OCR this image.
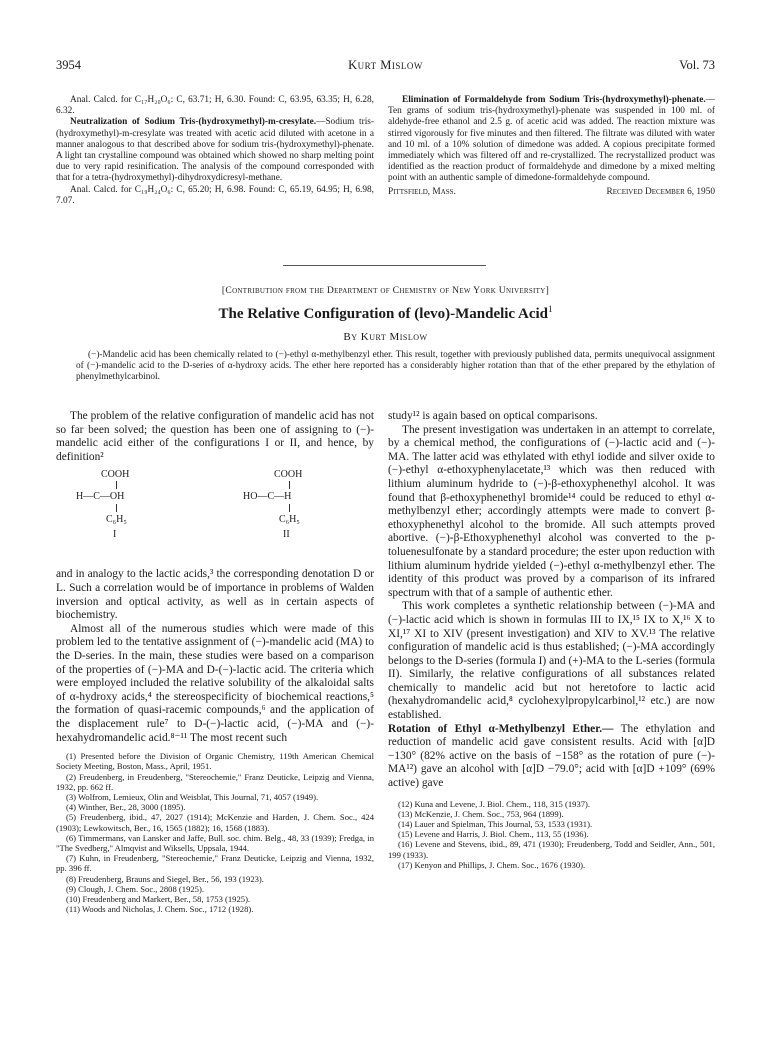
3954	Kurt Mislow	Vol. 73

Anal. Calcd. for C₁₇H₂₀O₆: C, 63.71; H, 6.30. Found: C, 63.95, 63.35; H, 6.28, 6.32.

Neutralization of Sodium Tris-(hydroxymethyl)-m-cresylate.—Sodium tris-(hydroxymethyl)-m-cresylate was treated with acetic acid diluted with acetone in a manner analogous to that described above for sodium tris-(hydroxymethyl)-phenate. A light tan crystalline compound was obtained which showed no sharp melting point due to very rapid resinification. The analysis of the compound corresponded with that for a tetra-(hydroxymethyl)-dihydroxydicresyl-methane.

Anal. Calcd. for C₁₉H₂₄O₆: C, 65.20; H, 6.98. Found: C, 65.19, 64.95; H, 6.98, 7.07.

Elimination of Formaldehyde from Sodium Tris-(hydroxymethyl)-phenate.—Ten grams of sodium tris-(hydroxymethyl)-phenate was suspended in 100 ml. of aldehyde-free ethanol and 2.5 g. of acetic acid was added. The reaction mixture was stirred vigorously for five minutes and then filtered. The filtrate was diluted with water and 10 ml. of a 10% solution of dimedone was added. A copious precipitate formed immediately which was filtered off and re-crystallized. The recrystallized product was identified as the reaction product of formaldehyde and dimedone by a mixed melting point with an authentic sample of dimedone-formaldehyde compound.

Pittsfield, Mass.	Received December 6, 1950
[Contribution from the Department of Chemistry of New York University]
The Relative Configuration of (levo)-Mandelic Acid$^1$
By Kurt Mislow
(−)-Mandelic acid has been chemically related to (−)-ethyl α-methylbenzyl ether. This result, together with previously published data, permits unequivocal assignment of (−)-mandelic acid to the D-series of α-hydroxy acids. The ether here reported has a considerably higher rotation than that of the ether prepared by the ethylation of phenylmethylcarbinol.

The problem of the relative configuration of mandelic acid has not so far been solved; the question has been one of assigning to (−)-mandelic acid either of the configurations I or II, and hence, by definition²

COOH
H—C—OH
C₆H₅
I
COOH
HO—C—H
C₆H₅
II

and in analogy to the lactic acids,³ the corresponding denotation D or L. Such a correlation would be of importance in problems of Walden inversion and optical activity, as well as in certain aspects of biochemistry.

Almost all of the numerous studies which were made of this problem led to the tentative assignment of (−)-mandelic acid (MA) to the D-series. In the main, these studies were based on a comparison of the properties of (−)-MA and D-(−)-lactic acid. The criteria which were employed included the relative solubility of the alkaloidal salts of α-hydroxy acids,⁴ the stereospecificity of biochemical reactions,⁵ the formation of quasi-racemic compounds,⁶ and the application of the displacement rule⁷ to D-(−)-lactic acid, (−)-MA and (−)-hexahydromandelic acid.⁸⁻¹¹ The most recent such

(1) Presented before the Division of Organic Chemistry, 119th American Chemical Society Meeting, Boston, Mass., April, 1951.

(2) Freudenberg, in Freudenberg, "Stereochemie," Franz Deuticke, Leipzig and Vienna, 1932, pp. 662 ff.

(3) Wolfrom, Lemieux, Olin and Weisblat, This Journal, 71, 4057 (1949).

(4) Winther, Ber., 28, 3000 (1895).

(5) Freudenberg, ibid., 47, 2027 (1914); McKenzie and Harden, J. Chem. Soc., 424 (1903); Lewkowitsch, Ber., 16, 1565 (1882); 16, 1568 (1883).

(6) Timmermans, van Lansker and Jaffe, Bull. soc. chim. Belg., 48, 33 (1939); Fredga, in "The Svedberg," Almqvist and Wiksells, Uppsala, 1944.

(7) Kuhn, in Freudenberg, "Stereochemie," Franz Deuticke, Leipzig and Vienna, 1932, pp. 396 ff.

(8) Freudenberg, Brauns and Siegel, Ber., 56, 193 (1923).

(9) Clough, J. Chem. Soc., 2808 (1925).

(10) Freudenberg and Markert, Ber., 58, 1753 (1925).

(11) Woods and Nicholas, J. Chem. Soc., 1712 (1928).

study¹² is again based on optical comparisons.

The present investigation was undertaken in an attempt to correlate, by a chemical method, the configurations of (−)-lactic acid and (−)-MA. The latter acid was ethylated with ethyl iodide and silver oxide to (−)-ethyl α-ethoxyphenylacetate,¹³ which was then reduced with lithium aluminum hydride to (−)-β-ethoxyphenethyl alcohol. It was found that β-ethoxyphenethyl bromide¹⁴ could be reduced to ethyl α-methylbenzyl ether; accordingly attempts were made to convert β-ethoxyphenethyl alcohol to the bromide. All such attempts proved abortive. (−)-β-Ethoxyphenethyl alcohol was converted to the p-toluenesulfonate by a standard procedure; the ester upon reduction with lithium aluminum hydride yielded (−)-ethyl α-methylbenzyl ether. The identity of this product was proved by a comparison of its infrared spectrum with that of a sample of authentic ether.

This work completes a synthetic relationship between (−)-MA and (−)-lactic acid which is shown in formulas III to IX,¹⁵ IX to X,¹⁶ X to XI,¹⁷ XI to XIV (present investigation) and XIV to XV.¹³ The relative configuration of mandelic acid is thus established; (−)-MA accordingly belongs to the D-series (formula I) and (+)-MA to the L-series (formula II). Similarly, the relative configurations of all substances related chemically to mandelic acid but not heretofore to lactic acid (hexahydromandelic acid,⁸ cyclohexylpropylcarbinol,¹² etc.) are now established.

Rotation of Ethyl α-Methylbenzyl Ether.— The ethylation and reduction of mandelic acid gave consistent results. Acid with [α]D −130° (82% active on the basis of −158° as the rotation of pure (−)-MA¹²) gave an alcohol with [α]D −79.0°; acid with [α]D +109° (69% active) gave

(12) Kuna and Levene, J. Biol. Chem., 118, 315 (1937).

(13) McKenzie, J. Chem. Soc., 753, 964 (1899).

(14) Lauer and Spielman, This Journal, 53, 1533 (1931).

(15) Levene and Harris, J. Biol. Chem., 113, 55 (1936).

(16) Levene and Stevens, ibid., 89, 471 (1930); Freudenberg, Todd and Seidler, Ann., 501, 199 (1933).

(17) Kenyon and Phillips, J. Chem. Soc., 1676 (1930).
